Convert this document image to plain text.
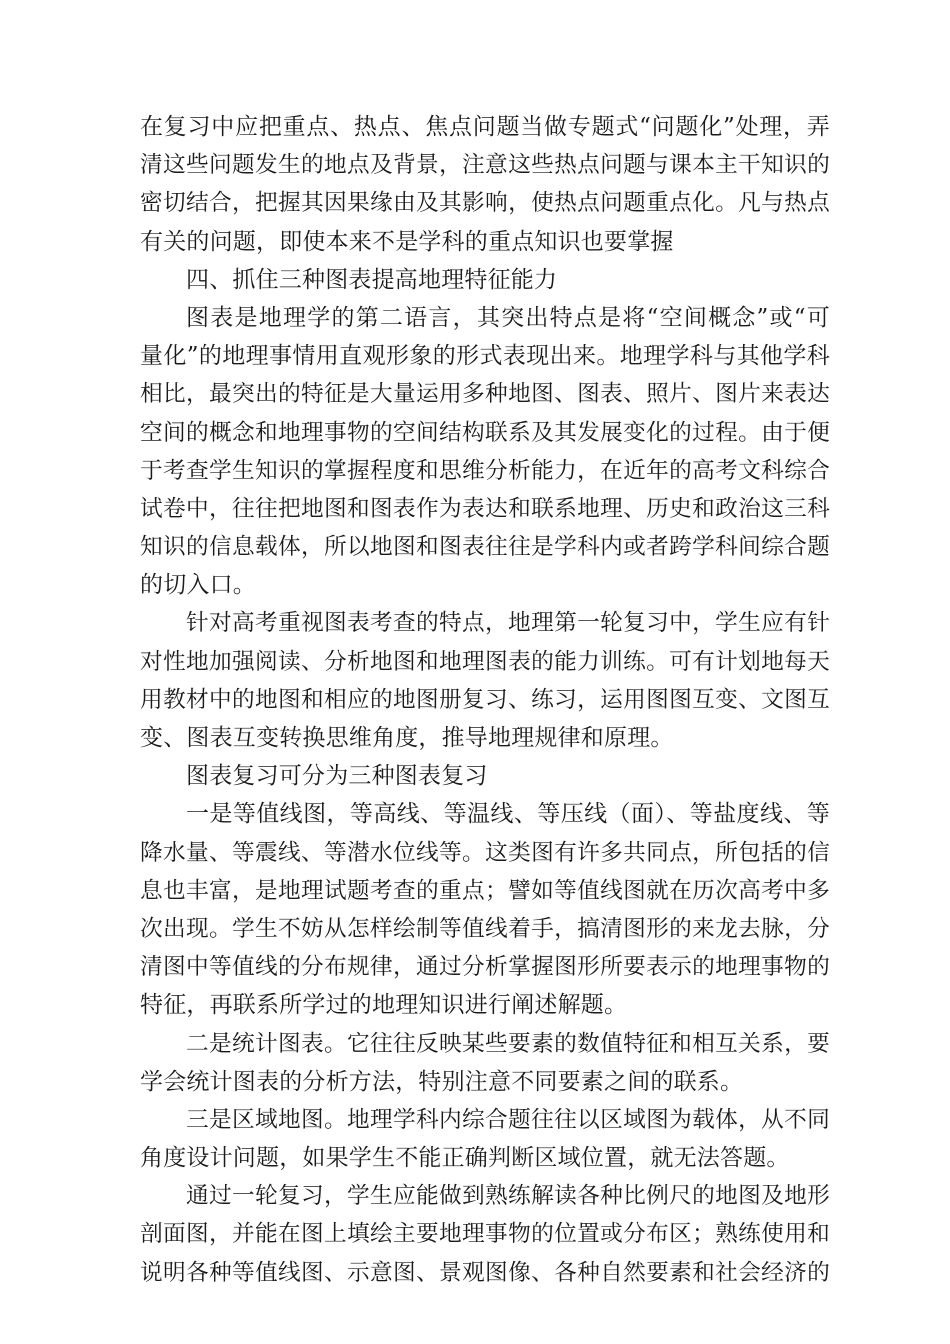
在复习中应把重点、热点、焦点问题当做专题式“问题化”处理，弄
清这些问题发生的地点及背景，注意这些热点问题与课本主干知识的
密切结合，把握其因果缘由及其影响，使热点问题重点化。凡与热点
有关的问题，即使本来不是学科的重点知识也要掌握
四、抓住三种图表提高地理特征能力
图表是地理学的第二语言，其突出特点是将“空间概念”或“可
量化”的地理事情用直观形象的形式表现出来。地理学科与其他学科
相比，最突出的特征是大量运用多种地图、图表、照片、图片来表达
空间的概念和地理事物的空间结构联系及其发展变化的过程。由于便
于考查学生知识的掌握程度和思维分析能力，在近年的高考文科综合
试卷中，往往把地图和图表作为表达和联系地理、历史和政治这三科
知识的信息载体，所以地图和图表往往是学科内或者跨学科间综合题
的切入口。
针对高考重视图表考查的特点，地理第一轮复习中，学生应有针
对性地加强阅读、分析地图和地理图表的能力训练。可有计划地每天
用教材中的地图和相应的地图册复习、练习，运用图图互变、文图互
变、图表互变转换思维角度，推导地理规律和原理。
图表复习可分为三种图表复习
一是等值线图，等高线、等温线、等压线（面）、等盐度线、等
降水量、等震线、等潜水位线等。这类图有许多共同点，所包括的信
息也丰富，是地理试题考查的重点；譬如等值线图就在历次高考中多
次出现。学生不妨从怎样绘制等值线着手，搞清图形的来龙去脉，分
清图中等值线的分布规律，通过分析掌握图形所要表示的地理事物的
特征，再联系所学过的地理知识进行阐述解题。
二是统计图表。它往往反映某些要素的数值特征和相互关系，要
学会统计图表的分析方法，特别注意不同要素之间的联系。
三是区域地图。地理学科内综合题往往以区域图为载体，从不同
角度设计问题，如果学生不能正确判断区域位置，就无法答题。
通过一轮复习，学生应能做到熟练解读各种比例尺的地图及地形
剖面图，并能在图上填绘主要地理事物的位置或分布区；熟练使用和
说明各种等值线图、示意图、景观图像、各种自然要素和社会经济的
